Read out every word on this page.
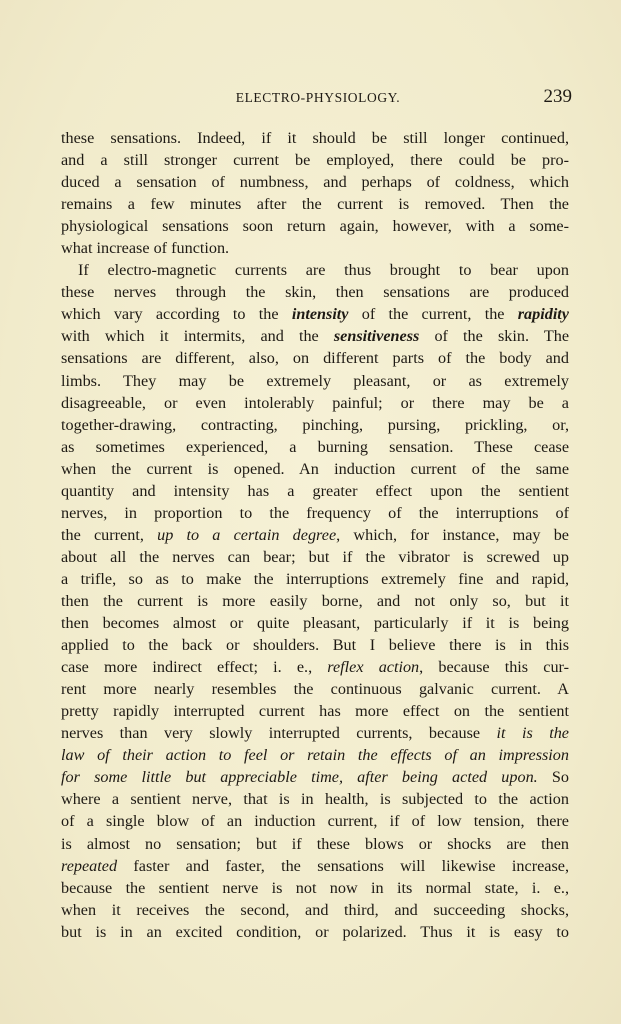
ELECTRO-PHYSIOLOGY.	239
these sensations. Indeed, if it should be still longer continued,
and a still stronger current be employed, there could be pro-
duced a sensation of numbness, and perhaps of coldness, which
remains a few minutes after the current is removed. Then the
physiological sensations soon return again, however, with a some-
what increase of function.
If electro-magnetic currents are thus brought to bear upon
these nerves through the skin, then sensations are produced
which vary according to the intensity of the current, the rapidity
with which it intermits, and the sensitiveness of the skin. The
sensations are different, also, on different parts of the body and
limbs. They may be extremely pleasant, or as extremely
disagreeable, or even intolerably painful; or there may be a
together-drawing, contracting, pinching, pursing, prickling, or,
as sometimes experienced, a burning sensation. These cease
when the current is opened. An induction current of the same
quantity and intensity has a greater effect upon the sentient
nerves, in proportion to the frequency of the interruptions of
the current, up to a certain degree, which, for instance, may be
about all the nerves can bear; but if the vibrator is screwed up
a trifle, so as to make the interruptions extremely fine and rapid,
then the current is more easily borne, and not only so, but it
then becomes almost or quite pleasant, particularly if it is being
applied to the back or shoulders. But I believe there is in this
case more indirect effect; i. e., reflex action, because this cur-
rent more nearly resembles the continuous galvanic current. A
pretty rapidly interrupted current has more effect on the sentient
nerves than very slowly interrupted currents, because it is the
law of their action to feel or retain the effects of an impression
for some little but appreciable time, after being acted upon. So
where a sentient nerve, that is in health, is subjected to the action
of a single blow of an induction current, if of low tension, there
is almost no sensation; but if these blows or shocks are then
repeated faster and faster, the sensations will likewise increase,
because the sentient nerve is not now in its normal state, i. e.,
when it receives the second, and third, and succeeding shocks,
but is in an excited condition, or polarized. Thus it is easy to
